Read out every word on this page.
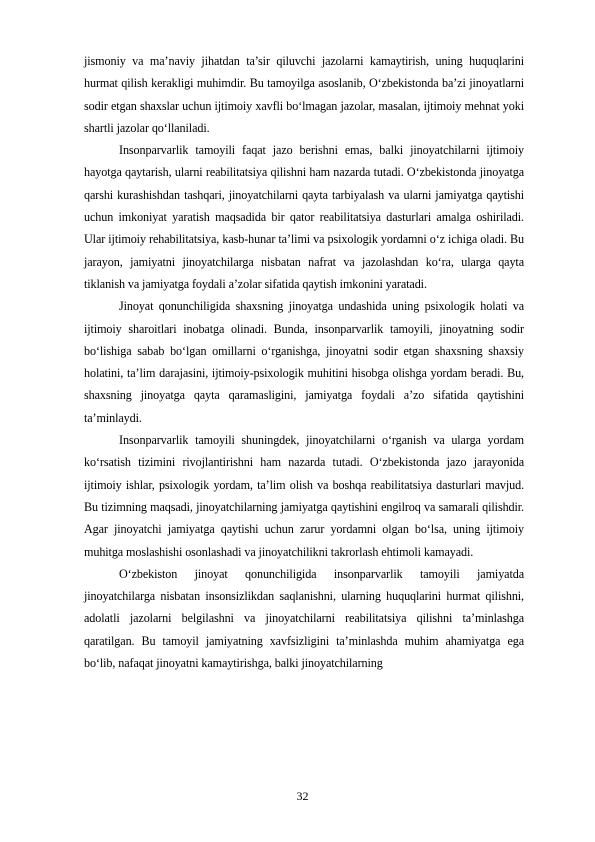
jismoniy va ma’naviy jihatdan ta’sir qiluvchi jazolarni kamaytirish, uning huquqlarini hurmat qilish kerakligi muhimdir. Bu tamoyilga asoslanib, O‘zbekistonda ba’zi jinoyatlarni sodir etgan shaxslar uchun ijtimoiy xavfli bo‘lmagan jazolar, masalan, ijtimoiy mehnat yoki shartli jazolar qo‘llaniladi.

Insonparvarlik tamoyili faqat jazo berishni emas, balki jinoyatchilarni ijtimoiy hayotga qaytarish, ularni reabilitatsiya qilishni ham nazarda tutadi. O‘zbekistonda jinoyatga qarshi kurashishdan tashqari, jinoyatchilarni qayta tarbiyalash va ularni jamiyatga qaytishi uchun imkoniyat yaratish maqsadida bir qator reabilitatsiya dasturlari amalga oshiriladi. Ular ijtimoiy rehabilitatsiya, kasb-hunar ta’limi va psixologik yordamni o‘z ichiga oladi. Bu jarayon, jamiyatni jinoyatchilarga nisbatan nafrat va jazolashdan ko‘ra, ularga qayta tiklanish va jamiyatga foydali a’zolar sifatida qaytish imkonini yaratadi.

Jinoyat qonunchiligida shaxsning jinoyatga undashida uning psixologik holati va ijtimoiy sharoitlari inobatga olinadi. Bunda, insonparvarlik tamoyili, jinoyatning sodir bo‘lishiga sabab bo‘lgan omillarni o‘rganishga, jinoyatni sodir etgan shaxsning shaxsiy holatini, ta’lim darajasini, ijtimoiy-psixologik muhitini hisobga olishga yordam beradi. Bu, shaxsning jinoyatga qayta qaramasligini, jamiyatga foydali a’zo sifatida qaytishini ta’minlaydi.

Insonparvarlik tamoyili shuningdek, jinoyatchilarni o‘rganish va ularga yordam ko‘rsatish tizimini rivojlantirishni ham nazarda tutadi. O‘zbekistonda jazo jarayonida ijtimoiy ishlar, psixologik yordam, ta’lim olish va boshqa reabilitatsiya dasturlari mavjud. Bu tizimning maqsadi, jinoyatchilarning jamiyatga qaytishini engilroq va samarali qilishdir. Agar jinoyatchi jamiyatga qaytishi uchun zarur yordamni olgan bo‘lsa, uning ijtimoiy muhitga moslashishi osonlashadi va jinoyatchilikni takrorlash ehtimoli kamayadi.

O‘zbekiston jinoyat qonunchiligida insonparvarlik tamoyili jamiyatda jinoyatchilarga nisbatan insonsizlikdan saqlanishni, ularning huquqlarini hurmat qilishni, adolatli jazolarni belgilashni va jinoyatchilarni reabilitatsiya qilishni ta’minlashga qaratilgan. Bu tamoyil jamiyatning xavfsizligini ta’minlashda muhim ahamiyatga ega bo‘lib, nafaqat jinoyatni kamaytirishga, balki jinoyatchilarning

32
